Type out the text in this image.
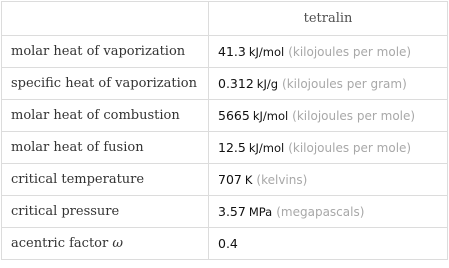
	tetralin
molar heat of vaporization	41.3 kJ/mol (kilojoules per mole)
specific heat of vaporization	0.312 kJ/g (kilojoules per gram)
molar heat of combustion	5665 kJ/mol (kilojoules per mole)
molar heat of fusion	12.5 kJ/mol (kilojoules per mole)
critical temperature	707 K (kelvins)
critical pressure	3.57 MPa (megapascals)
acentric factor ω	0.4
